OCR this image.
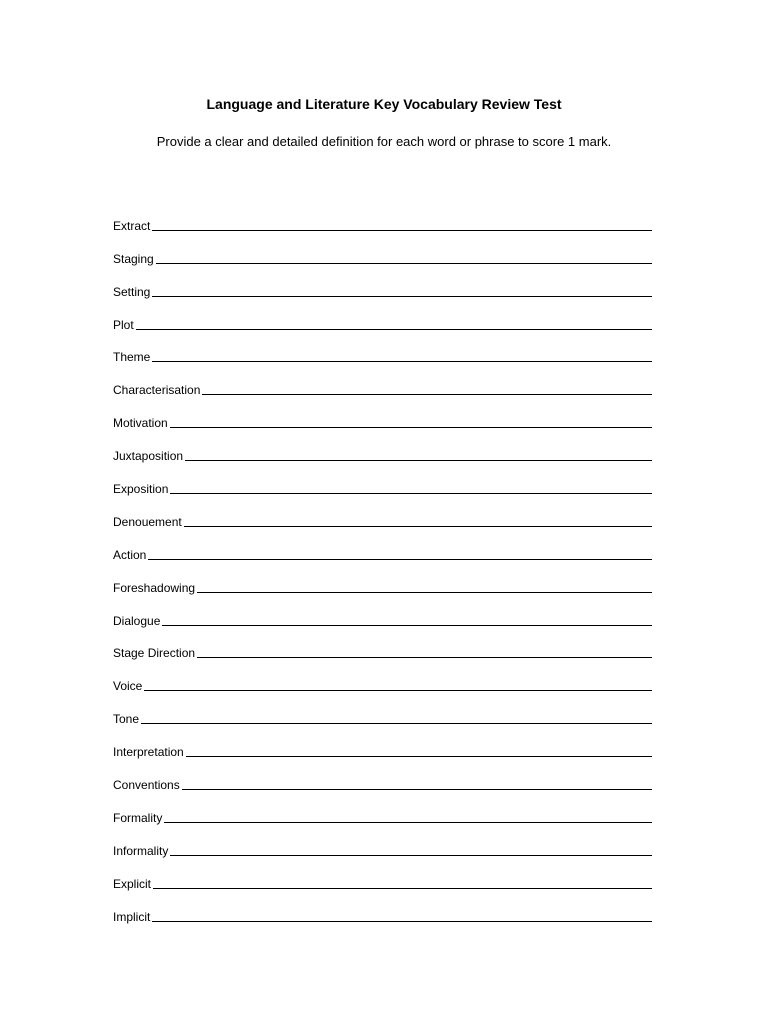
Language and Literature Key Vocabulary Review Test
Provide a clear and detailed definition for each word or phrase to score 1 mark.
Extract
Staging
Setting
Plot
Theme
Characterisation
Motivation
Juxtaposition
Exposition
Denouement
Action
Foreshadowing
Dialogue
Stage Direction
Voice
Tone
Interpretation
Conventions
Formality
Informality
Explicit
Implicit
